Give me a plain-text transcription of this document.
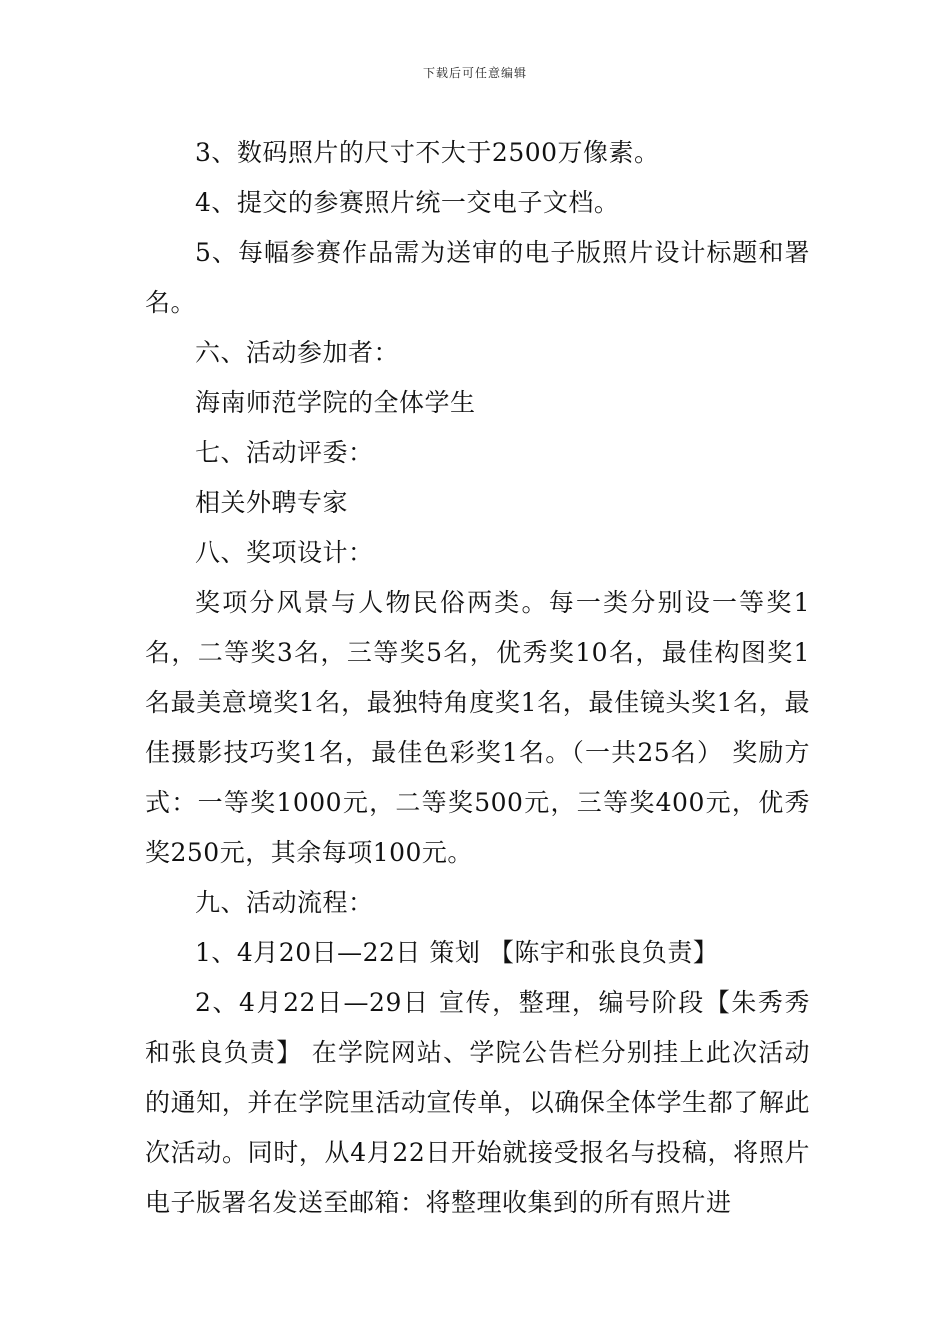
下载后可任意编辑

3、数码照片的尺寸不大于2500万像素。

4、提交的参赛照片统一交电子文档。

5、每幅参赛作品需为送审的电子版照片设计标题和署名。

六、活动参加者：

海南师范学院的全体学生

七、活动评委：

相关外聘专家

八、奖项设计：

奖项分风景与人物民俗两类。每一类分别设一等奖1名，二等奖3名，三等奖5名，优秀奖10名，最佳构图奖1名最美意境奖1名，最独特角度奖1名，最佳镜头奖1名，最佳摄影技巧奖1名，最佳色彩奖1名。（一共25名） 奖励方式：一等奖1000元，二等奖500元，三等奖400元，优秀奖250元，其余每项100元。

九、活动流程：

1、4月20日—22日 策划 【陈宇和张良负责】

2、4月22日—29日 宣传，整理，编号阶段【朱秀秀和张良负责】 在学院网站、学院公告栏分别挂上此次活动的通知，并在学院里活动宣传单，以确保全体学生都了解此次活动。同时，从4月22日开始就接受报名与投稿，将照片电子版署名发送至邮箱：将整理收集到的所有照片进
